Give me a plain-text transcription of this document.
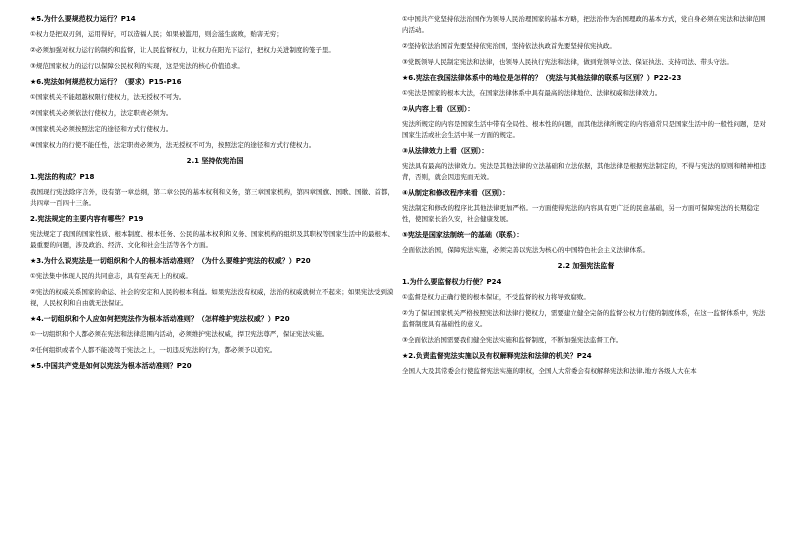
★5.为什么要规范权力运行？P14
①权力是把双刃剑，运用得好，可以造福人民；如果被滥用，则会滋生腐败，贻害无穷；
②必须加强对权力运行的制约和监督，让人民监督权力，让权力在阳光下运行，把权力关进制度的笼子里。
③规范国家权力的运行以保障公民权利的实现，这是宪法的核心价值追求。
★6.宪法如何规范权力运行？（要求）P15-P16
①国家机关不能超越权限行使权力，法无授权不可为。
②国家机关必须依法行使权力，法定职责必须为。
③国家机关必须按照法定的途径和方式行使权力。
④国家权力的行使不能任性，法定职责必须为，法无授权不可为，按照法定的途径和方式行使权力。
2.1 坚持依宪治国
1.宪法的构成？P18
我国现行宪法除序言外，设有第一章总纲，第二章公民的基本权利和义务，第三章国家机构，第四章国旗、国歌、国徽、首都，共四章一百四十三条。
2.宪法规定的主要内容有哪些？P19
宪法规定了我国的国家性质、根本制度、根本任务、公民的基本权利和义务、国家机构的组织及其职权等国家生活中的最根本、最重要的问题，涉及政治、经济、文化和社会生活等各个方面。
★3.为什么说宪法是一切组织和个人的根本活动准则？（为什么要维护宪法的权威？）P20
①宪法集中体现人民的共同意志，具有至高无上的权威。
②宪法的权威关系国家的命运、社会的安定和人民的根本利益。如果宪法没有权威，法治的权威就树立不起来；如果宪法受到漠视，人民权利和自由就无法保证。
★4.一切组织和个人应如何把宪法作为根本活动准则？（怎样维护宪法权威？）P20
①一切组织和个人都必须在宪法和法律范围内活动，必须维护宪法权威，捍卫宪法尊严，保证宪法实施。
②任何组织或者个人都不能凌驾于宪法之上，一切违反宪法的行为，都必须予以追究。
★5.中国共产党是如何以宪法为根本活动准则？P20
①中国共产党坚持依法治国作为领导人民治理国家的基本方略，把法治作为治国理政的基本方式，党自身必须在宪法和法律范围内活动。
②坚持依法治国首先要坚持依宪治国，坚持依法执政首先要坚持依宪执政。
③党既领导人民制定宪法和法律，也领导人民执行宪法和法律，做到党领导立法、保证执法、支持司法、带头守法。
★6.宪法在我国法律体系中的地位是怎样的？（宪法与其他法律的联系与区别？）P22-23
①宪法是国家的根本大法，在国家法律体系中具有最高的法律地位、法律权威和法律效力。
②从内容上看（区别）：
宪法所规定的内容是国家生活中带有全局性、根本性的问题，而其他法律所规定的内容通常只是国家生活中的一般性问题，是对国家生活或社会生活中某一方面的规定。
③从法律效力上看（区别）：
宪法具有最高的法律效力。宪法是其他法律的立法基础和立法依据，其他法律是根据宪法制定的，不得与宪法的原则和精神相违背，否则，就会因违宪而无效。
④从制定和修改程序来看（区别）：
宪法制定和修改的程序比其他法律更加严格。一方面使得宪法的内容具有更广泛的民意基础，另一方面可保障宪法的长期稳定性，使国家长治久安，社会健康发展。
⑤宪法是国家法制统一的基础（联系）：
全面依法治国，保障宪法实施，必须完善以宪法为核心的中国特色社会主义法律体系。
2.2 加强宪法监督
1.为什么要监督权力行使？P24
①监督是权力正确行使的根本保证，不受监督的权力将导致腐败。
②为了保证国家机关严格按照宪法和法律行使权力，需要建立健全完备的监督公权力行使的制度体系，在这一监督体系中，宪法监督制度具有基础性的意义。
③全面依法治国需要我们健全宪法实施和监督制度，不断加强宪法监督工作。
★2.负责监督宪法实施以及有权解释宪法和法律的机关？P24
全国人大及其常委会行使监督宪法实施的职权，全国人大常委会有权解释宪法和法律,地方各级人大在本
